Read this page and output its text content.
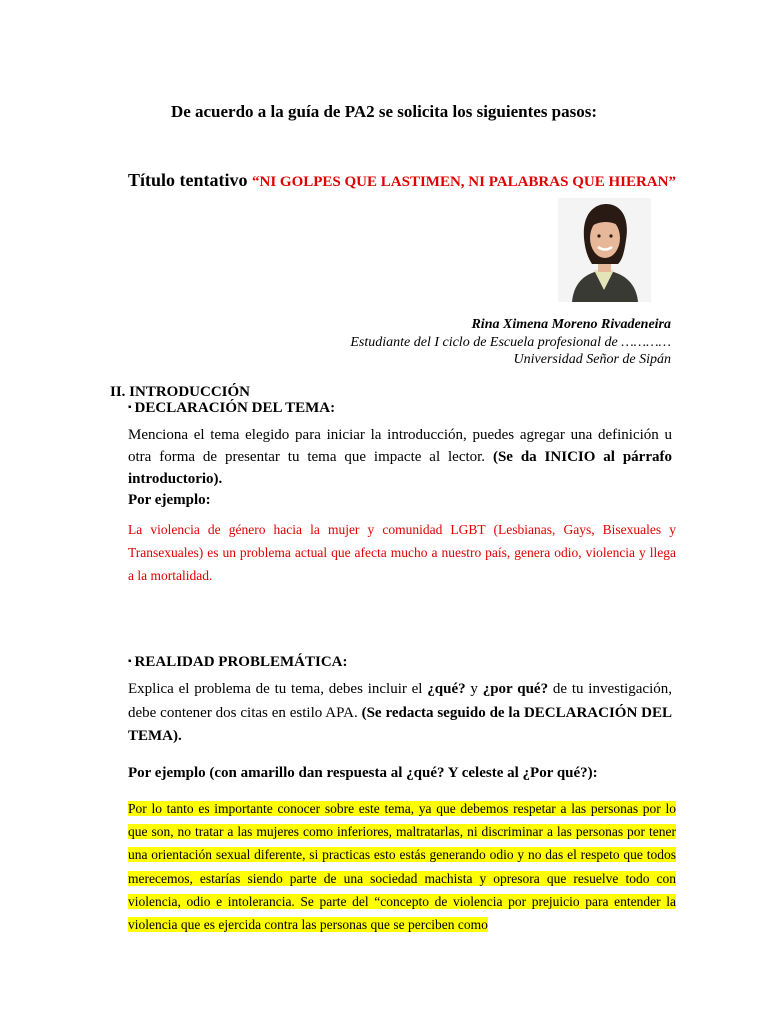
De acuerdo a la guía de PA2 se solicita los siguientes pasos:
Título tentativo “NI GOLPES QUE LASTIMEN, NI PALABRAS QUE HIERAN”
Rina Ximena Moreno Rivadeneira
Estudiante del I ciclo de Escuela profesional de …………
Universidad Señor de Sipán
II. INTRODUCCIÓN
▪ DECLARACIÓN DEL TEMA:
Menciona el tema elegido para iniciar la introducción, puedes agregar una definición u otra forma de presentar tu tema que impacte al lector. (Se da INICIO al párrafo introductorio).
Por ejemplo:
La violencia de género hacia la mujer y comunidad LGBT (Lesbianas, Gays, Bisexuales y Transexuales) es un problema actual que afecta mucho a nuestro país, genera odio, violencia y llega a la mortalidad.
▪ REALIDAD PROBLEMÁTICA:
Explica el problema de tu tema, debes incluir el ¿qué? y ¿por qué? de tu investigación, debe contener dos citas en estilo APA. (Se redacta seguido de la DECLARACIÓN DEL TEMA).
Por ejemplo (con amarillo dan respuesta al ¿qué? Y celeste al ¿Por qué?):
Por lo tanto es importante conocer sobre este tema, ya que debemos respetar a las personas por lo que son, no tratar a las mujeres como inferiores, maltratarlas, ni discriminar a las personas por tener una orientación sexual diferente, si practicas esto estás generando odio y no das el respeto que todos merecemos, estarías siendo parte de una sociedad machista y opresora que resuelve todo con violencia, odio e intolerancia. Se parte del “concepto de violencia por prejuicio para entender la violencia que es ejercida contra las personas que se perciben como
